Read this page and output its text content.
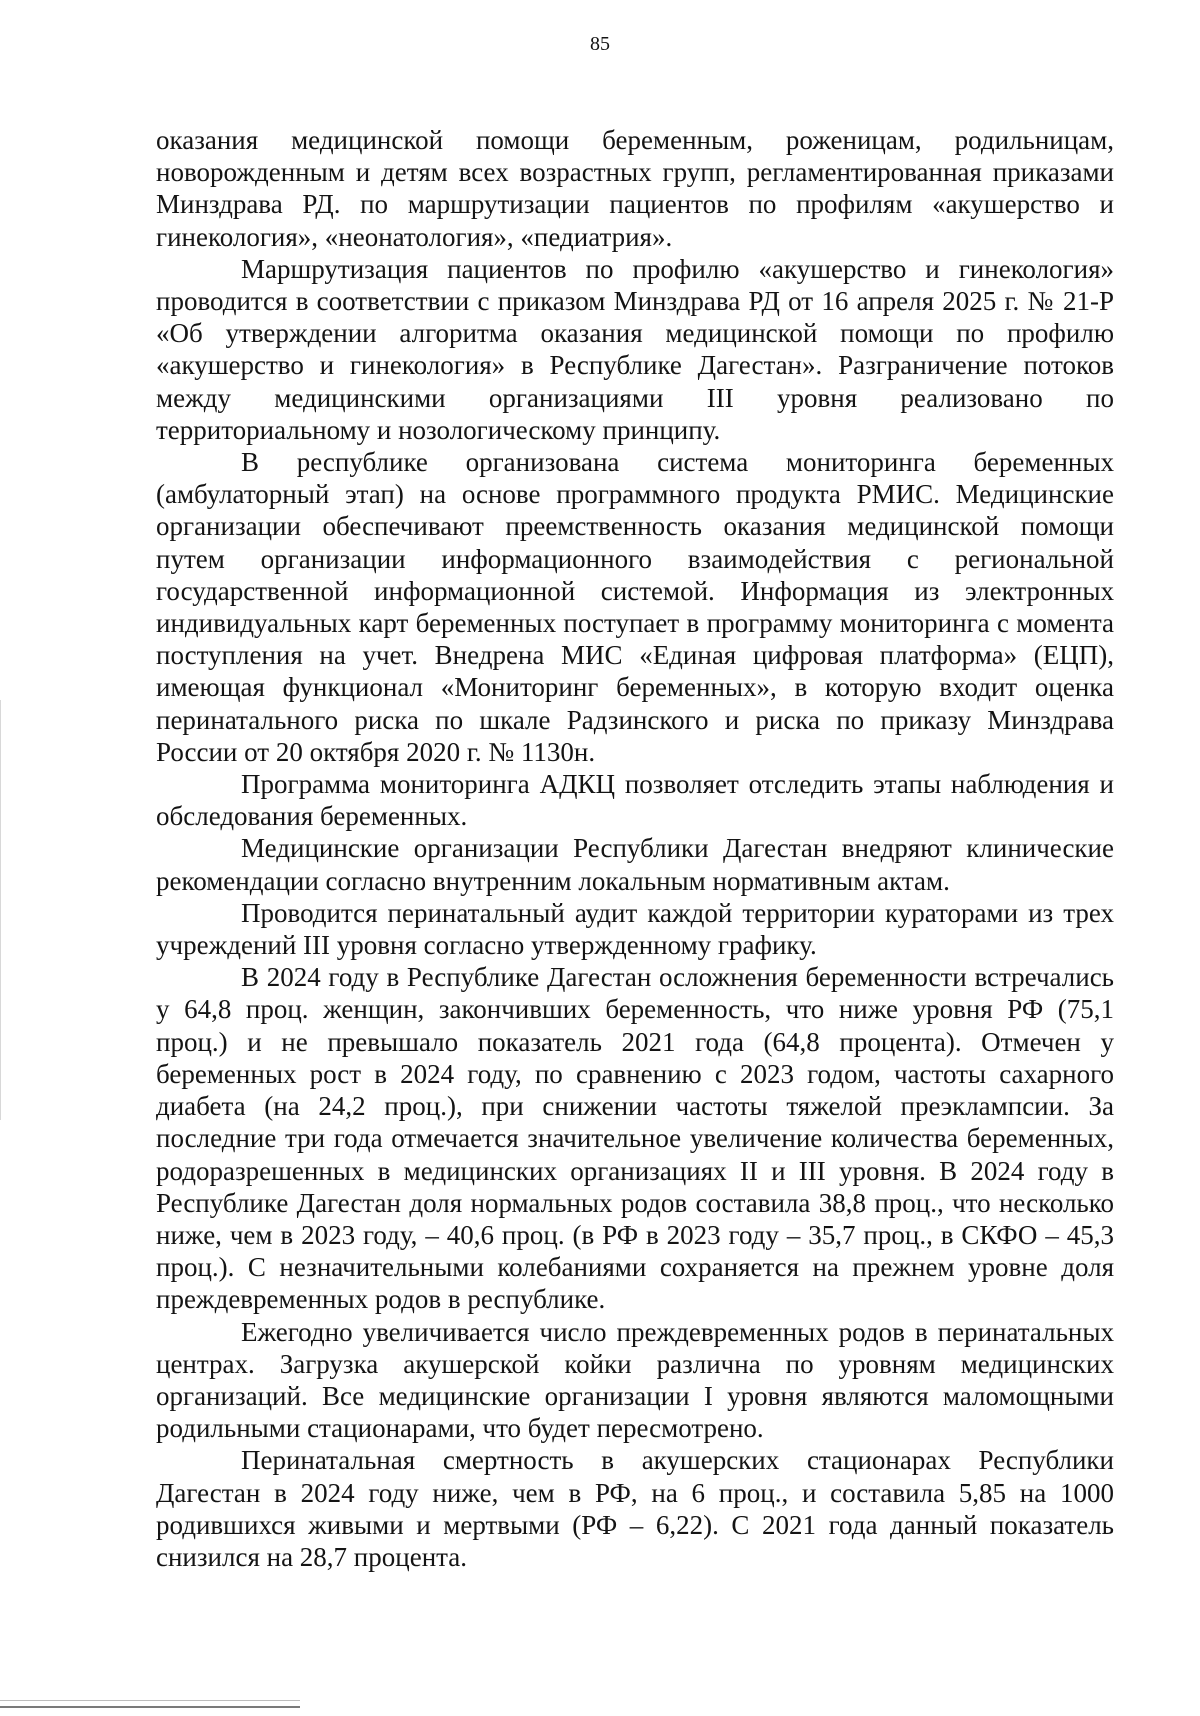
85

оказания медицинской помощи беременным, роженицам, родильницам, новорожденным и детям всех возрастных групп, регламентированная приказами Минздрава РД. по маршрутизации пациентов по профилям «акушерство и гинекология», «неонатология», «педиатрия».

Маршрутизация пациентов по профилю «акушерство и гинекология» проводится в соответствии с приказом Минздрава РД от 16 апреля 2025 г. № 21-Р «Об утверждении алгоритма оказания медицинской помощи по профилю «акушерство и гинекология» в Республике Дагестан». Разграничение потоков между медицинскими организациями III уровня реализовано по территориальному и нозологическому принципу.

В республике организована система мониторинга беременных (амбулаторный этап) на основе программного продукта РМИС. Медицинские организации обеспечивают преемственность оказания медицинской помощи путем организации информационного взаимодействия с региональной государственной информационной системой. Информация из электронных индивидуальных карт беременных поступает в программу мониторинга с момента поступления на учет. Внедрена МИС «Единая цифровая платформа» (ЕЦП), имеющая функционал «Мониторинг беременных», в которую входит оценка перинатального риска по шкале Радзинского и риска по приказу Минздрава России от 20 октября 2020 г. № 1130н.

Программа мониторинга АДКЦ позволяет отследить этапы наблюдения и обследования беременных.

Медицинские организации Республики Дагестан внедряют клинические рекомендации согласно внутренним локальным нормативным актам.

Проводится перинатальный аудит каждой территории кураторами из трех учреждений III уровня согласно утвержденному графику.

В 2024 году в Республике Дагестан осложнения беременности встречались у 64,8 проц. женщин, закончивших беременность, что ниже уровня РФ (75,1 проц.) и не превышало показатель 2021 года (64,8 процента). Отмечен у беременных рост в 2024 году, по сравнению с 2023 годом, частоты сахарного диабета (на 24,2 проц.), при снижении частоты тяжелой преэклампсии. За последние три года отмечается значительное увеличение количества беременных, родоразрешенных в медицинских организациях II и III уровня. В 2024 году в Республике Дагестан доля нормальных родов составила 38,8 проц., что несколько ниже, чем в 2023 году, – 40,6 проц. (в РФ в 2023 году – 35,7 проц., в СКФО – 45,3 проц.). С незначительными колебаниями сохраняется на прежнем уровне доля преждевременных родов в республике.

Ежегодно увеличивается число преждевременных родов в перинатальных центрах. Загрузка акушерской койки различна по уровням медицинских организаций. Все медицинские организации I уровня являются маломощными родильными стационарами, что будет пересмотрено.

Перинатальная смертность в акушерских стационарах Республики Дагестан в 2024 году ниже, чем в РФ, на 6 проц., и составила 5,85 на 1000 родившихся живыми и мертвыми (РФ – 6,22). С 2021 года данный показатель снизился на 28,7 процента.
